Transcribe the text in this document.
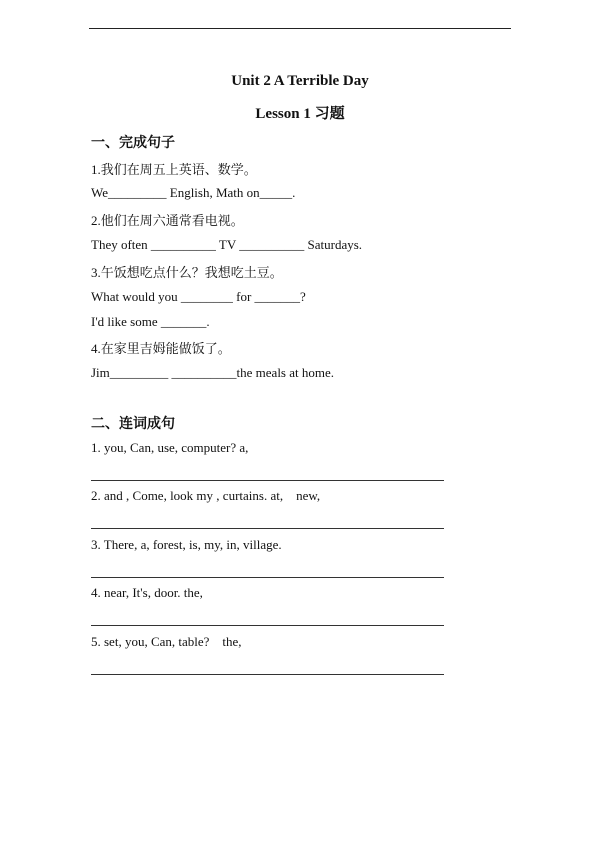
Unit 2 A Terrible Day
Lesson 1 习题
一、完成句子
1.我们在周五上英语、数学。
We_________ English, Math on_____.
2.他们在周六通常看电视。
They often __________ TV __________ Saturdays.
3.午饭想吃点什么？我想吃土豆。
What would you ________ for _______?
I'd like some _______.
4.在家里吉姆能做饭了。
Jim_________ __________the meals at home.
二、连词成句
1. you, Can, use, computer? a,
2. and , Come, look my , curtains. at,    new,
3. There, a, forest, is, my, in, village.
4. near, It's, door. the,
5. set, you, Can, table?    the,
